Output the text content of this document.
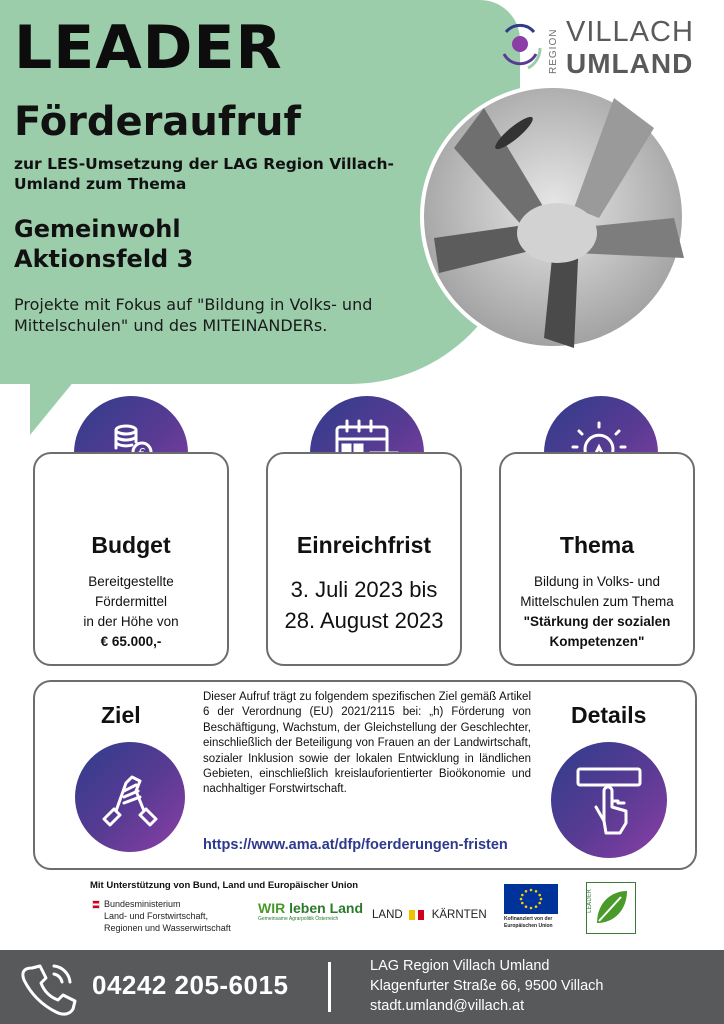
LEADER
Förderaufruf
zur LES-Umsetzung der LAG Region Villach-Umland zum Thema
Gemeinwohl
Aktionsfeld 3
Projekte mit Fokus auf "Bildung in Volks- und Mittelschulen" und des MITEINANDERs.
REGION VILLACH
UMLAND
Budget
Bereitgestellte
Fördermittel
in der Höhe von
€ 65.000,-
Einreichfrist
3. Juli 2023 bis
28. August 2023
Thema
Bildung in Volks- und
Mittelschulen zum Thema
"Stärkung der sozialen
Kompetenzen"
Ziel
Dieser Aufruf trägt zu folgendem spezifischen Ziel gemäß Artikel 6 der Verordnung (EU) 2021/2115 bei: „h) Förderung von Beschäftigung, Wachstum, der Gleichstellung der Geschlechter, einschließlich der Beteiligung von Frauen an der Landwirtschaft, sozialer Inklusion sowie der lokalen Entwicklung in ländlichen Gebieten, einschließlich kreislauforientierter Bioökonomie und nachhaltiger Forstwirtschaft.
https://www.ama.at/dfp/foerderungen-fristen
Details
Mit Unterstützung von Bund, Land und Europäischer Union
Bundesministerium
Land- und Forstwirtschaft,
Regionen und Wasserwirtschaft
WIR leben Land
Gemeinsame Agrarpolitik Österreich	LAND	KÄRNTEN	Kofinanziert von der
Europäischen Union
LEADER
04242 205-6015
LAG Region Villach Umland
Klagenfurter Straße 66, 9500 Villach
stadt.umland@villach.at
